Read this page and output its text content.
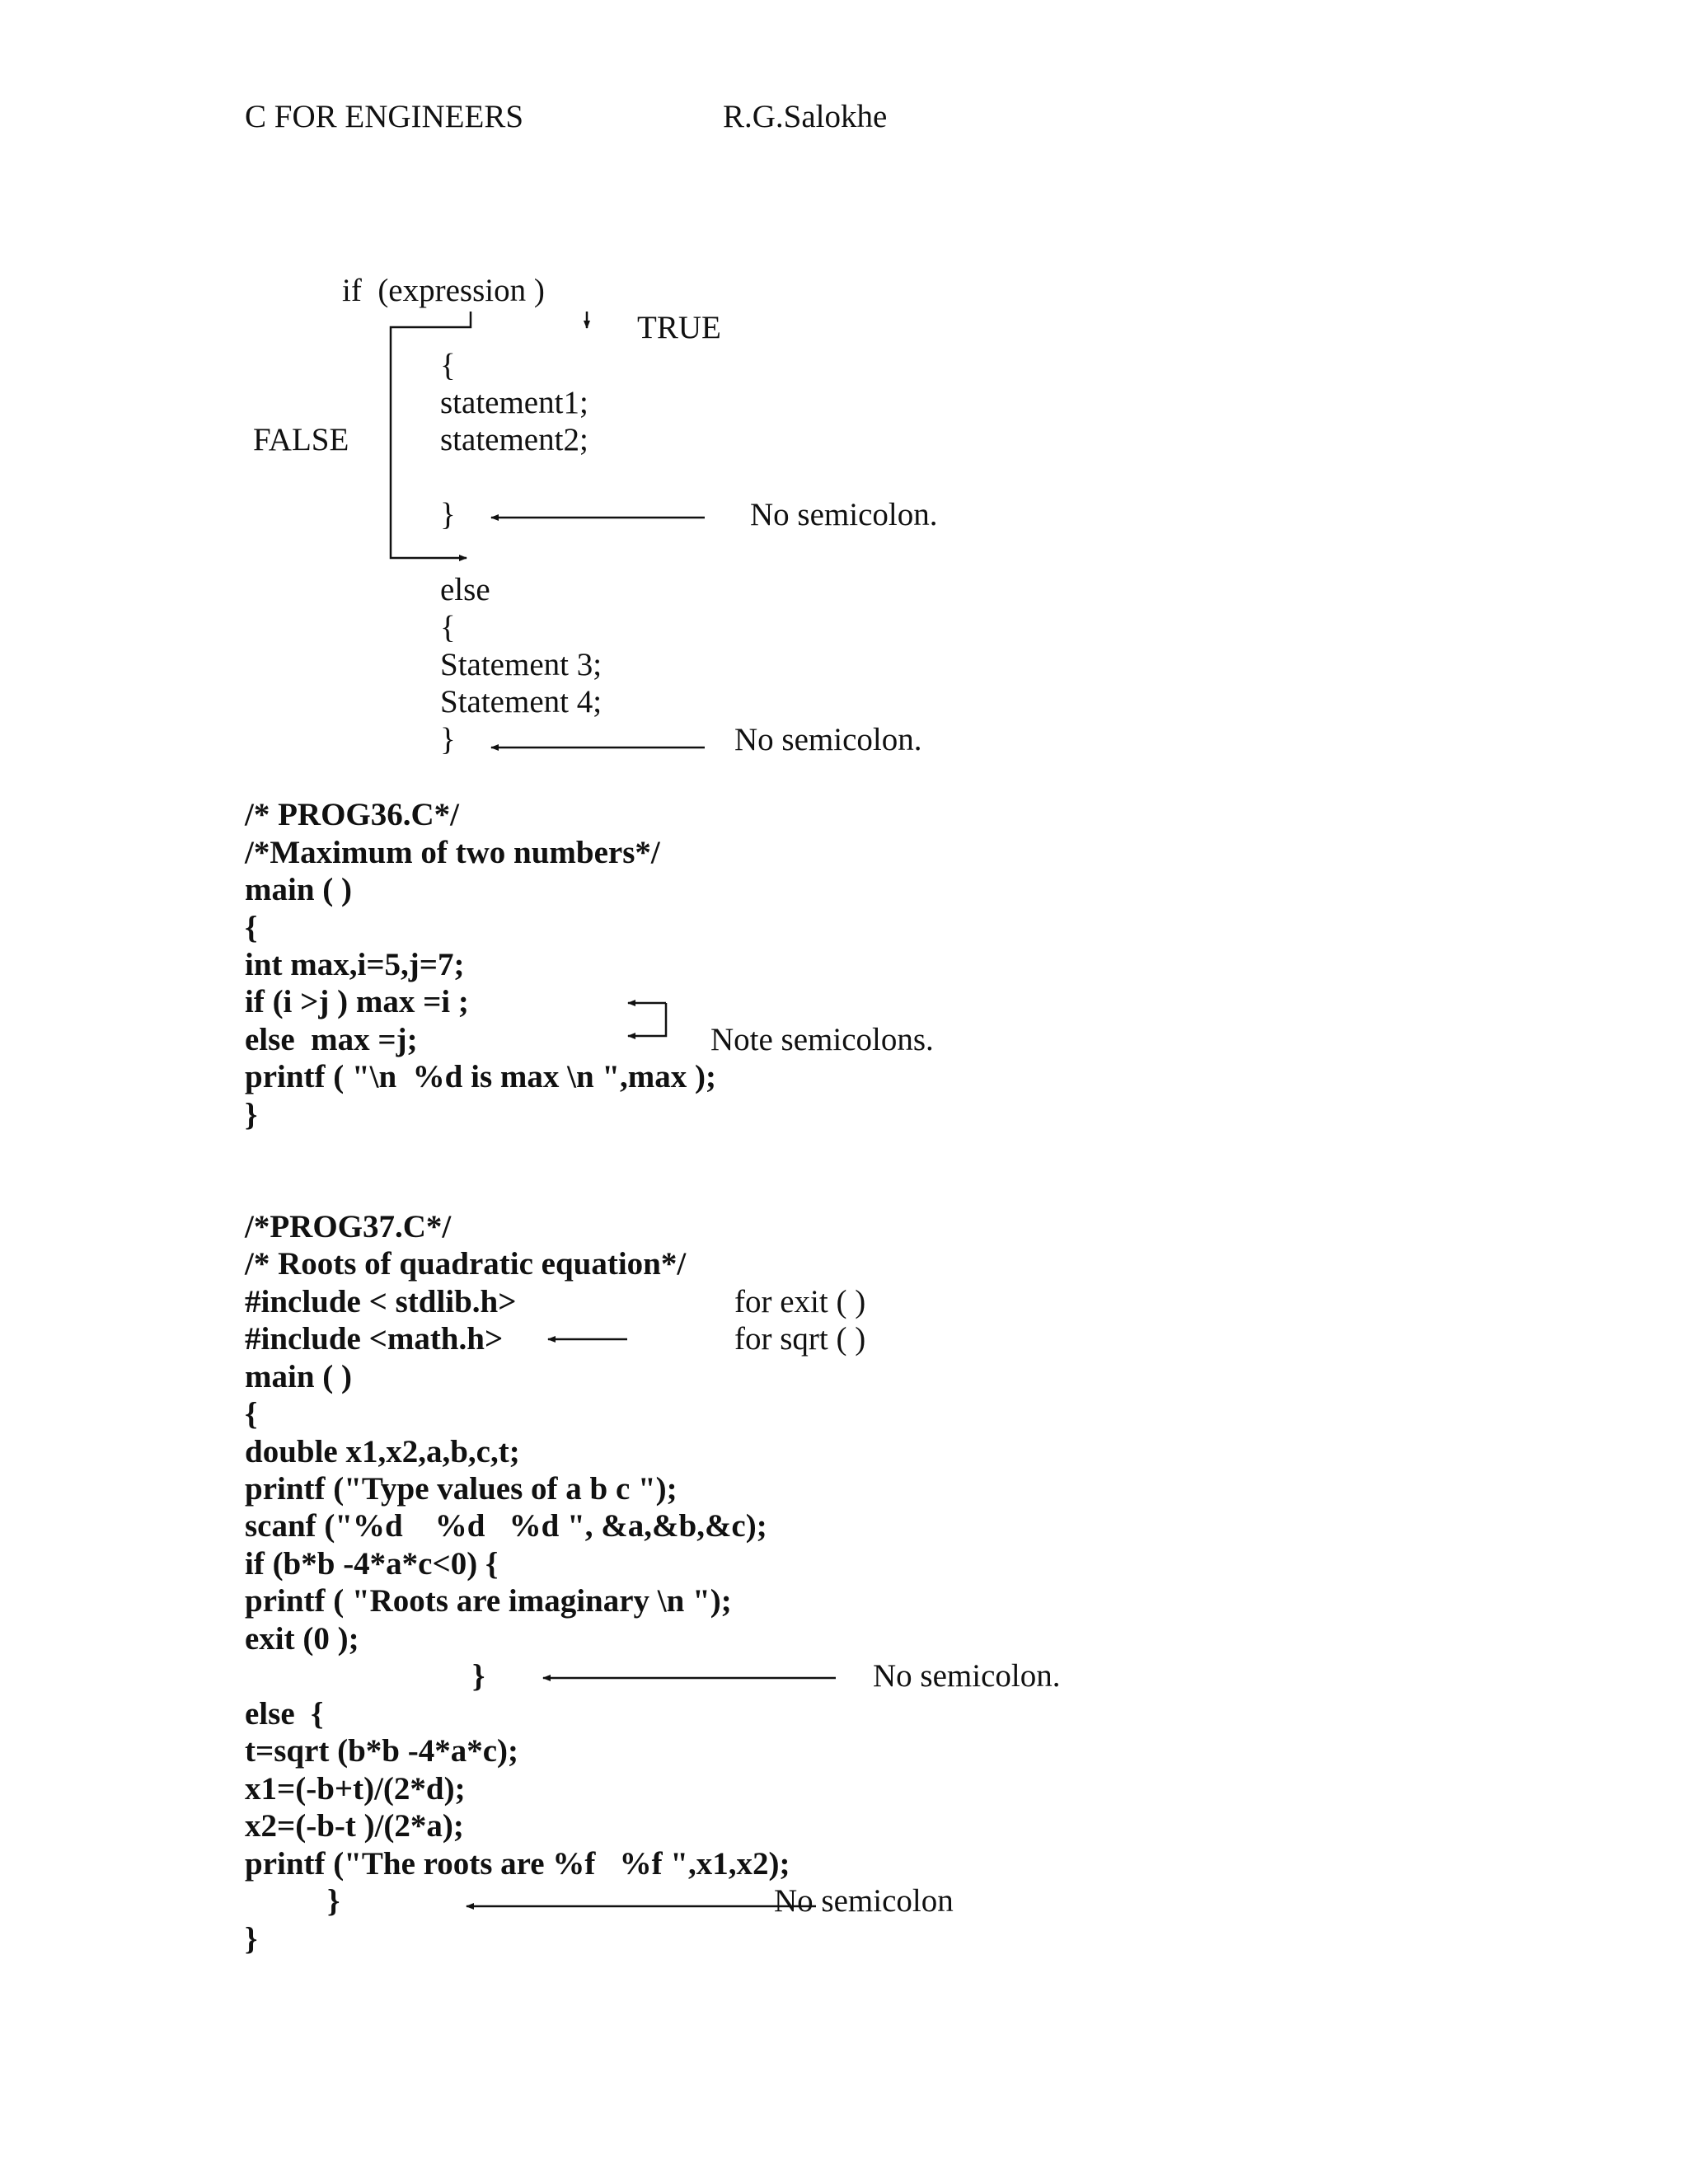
C FOR ENGINEERS	R.G.Salokhe
if  (expression )
TRUE
FALSE
{
statement1;
statement2;
}
else
{
Statement 3;
Statement 4;
}
No semicolon.
No semicolon.
/* PROG36.C*/
/*Maximum of two numbers*/
main ( )
{
int max,i=5,j=7;
if (i >j ) max =i ;
else  max =j;
printf ( "\n  %d is max \n ",max );
}
Note semicolons.
/*PROG37.C*/
/* Roots of quadratic equation*/
#include < stdlib.h>
#include <math.h>
main ( )
{
double x1,x2,a,b,c,t;
printf ("Type values of a b c ");
scanf ("%d    %d   %d ", &a,&b,&c);
if (b*b -4*a*c<0) {
printf ( "Roots are imaginary \n ");
exit (0 );
}
else  {
t=sqrt (b*b -4*a*c);
x1=(-b+t)/(2*d);
x2=(-b-t )/(2*a);
printf ("The roots are %f   %f ",x1,x2);
}
}
for exit ( )
for sqrt ( )
No semicolon.
No semicolon
